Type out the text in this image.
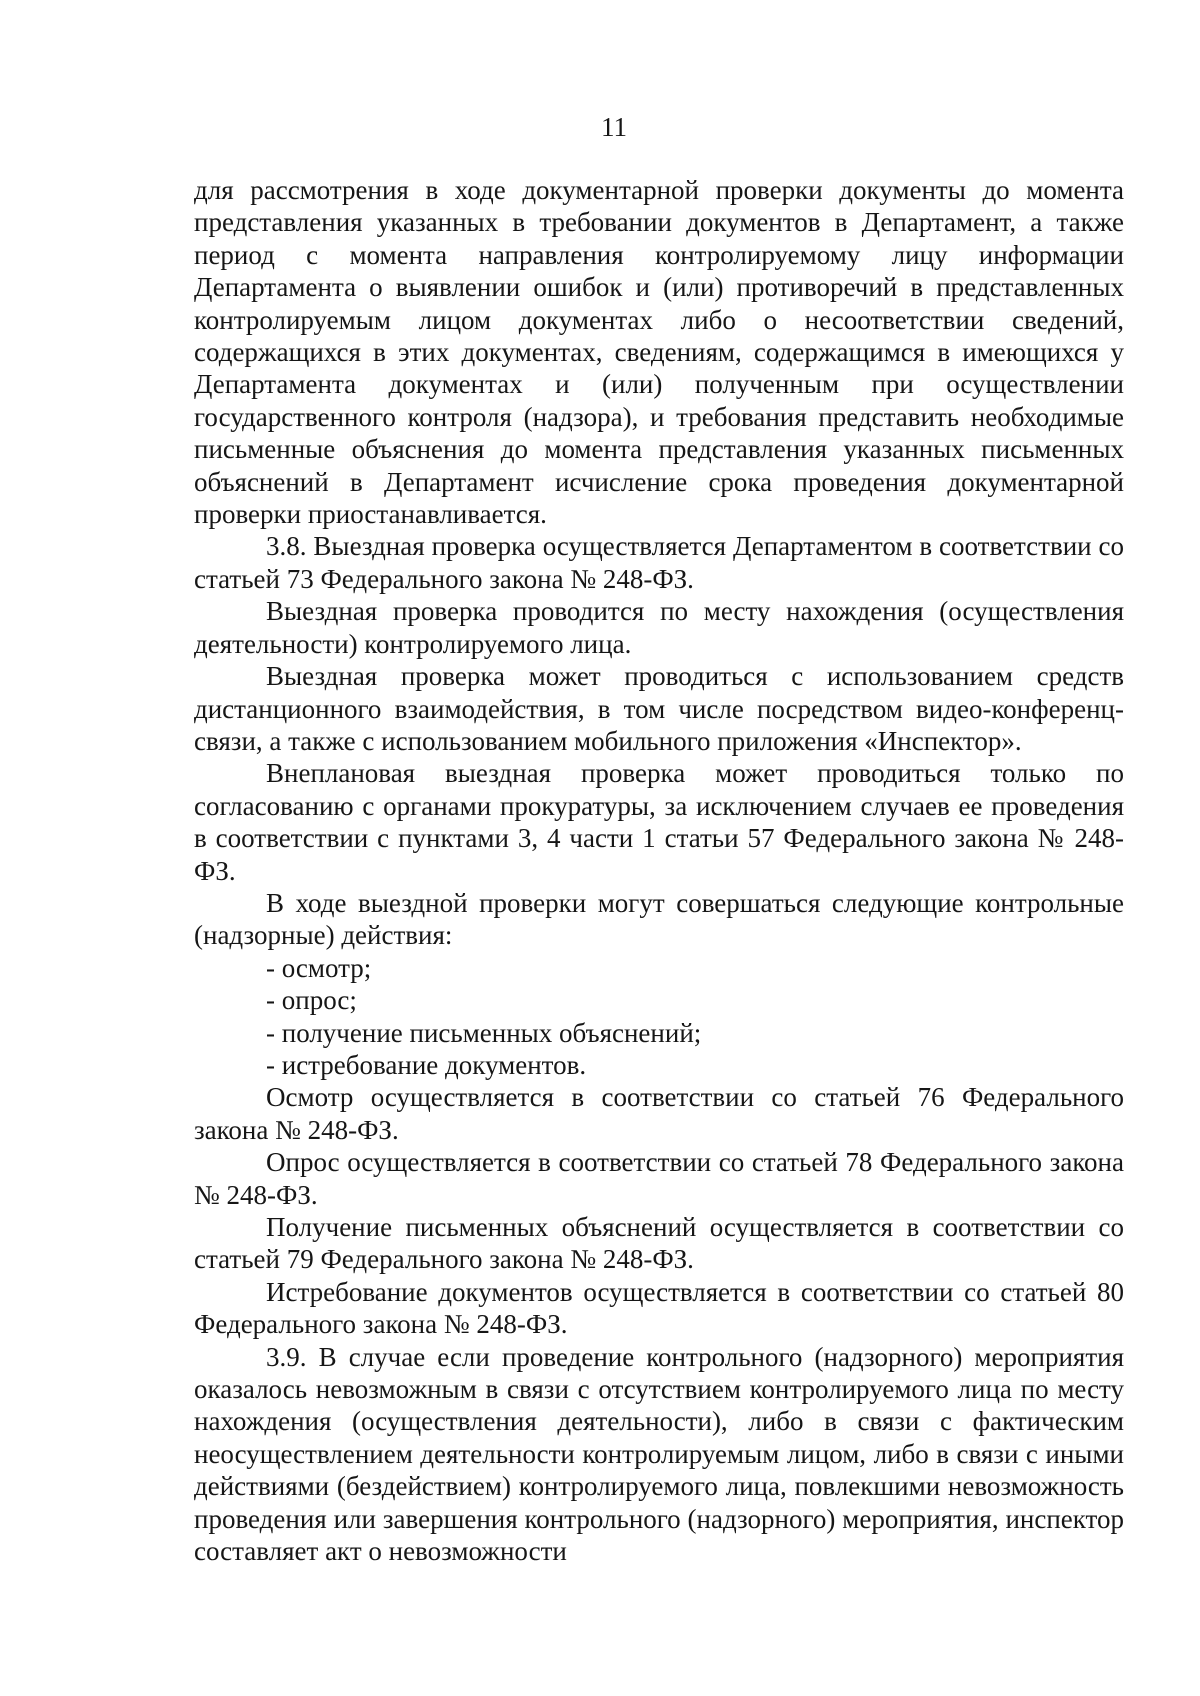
11

для рассмотрения в ходе документарной проверки документы до момента представления указанных в требовании документов в Департамент, а также период с момента направления контролируемому лицу информации Департамента о выявлении ошибок и (или) противоречий в представленных контролируемым лицом документах либо о несоответствии сведений, содержащихся в этих документах, сведениям, содержащимся в имеющихся у Департамента документах и (или) полученным при осуществлении государственного контроля (надзора), и требования представить необходимые письменные объяснения до момента представления указанных письменных объяснений в Департамент исчисление срока проведения документарной проверки приостанавливается.

3.8. Выездная проверка осуществляется Департаментом в соответствии со статьей 73 Федерального закона № 248-ФЗ.

Выездная проверка проводится по месту нахождения (осуществления деятельности) контролируемого лица.

Выездная проверка может проводиться с использованием средств дистанционного взаимодействия, в том числе посредством видео-конференц-связи, а также с использованием мобильного приложения «Инспектор».

Внеплановая выездная проверка может проводиться только по согласованию с органами прокуратуры, за исключением случаев ее проведения в соответствии с пунктами 3, 4 части 1 статьи 57 Федерального закона № 248-ФЗ.

В ходе выездной проверки могут совершаться следующие контрольные (надзорные) действия:

- осмотр;

- опрос;

- получение письменных объяснений;

- истребование документов.

Осмотр осуществляется в соответствии со статьей 76 Федерального закона № 248-ФЗ.

Опрос осуществляется в соответствии со статьей 78 Федерального закона № 248-ФЗ.

Получение письменных объяснений осуществляется в соответствии со статьей 79 Федерального закона № 248-ФЗ.

Истребование документов осуществляется в соответствии со статьей 80 Федерального закона № 248-ФЗ.

3.9. В случае если проведение контрольного (надзорного) мероприятия оказалось невозможным в связи с отсутствием контролируемого лица по месту нахождения (осуществления деятельности), либо в связи с фактическим неосуществлением деятельности контролируемым лицом, либо в связи с иными действиями (бездействием) контролируемого лица, повлекшими невозможность проведения или завершения контрольного (надзорного) мероприятия, инспектор составляет акт о невозможности
